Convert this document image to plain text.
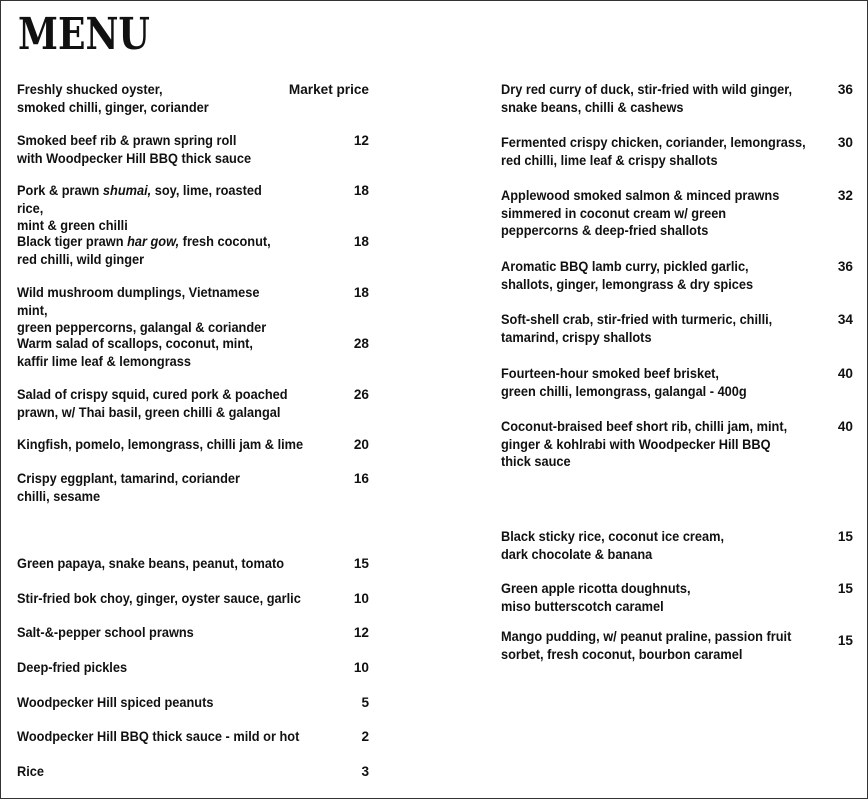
MENU
Freshly shucked oyster,
smoked chilli, ginger, coriander
Market price
Smoked beef rib & prawn spring roll
with Woodpecker Hill BBQ thick sauce
12
Pork & prawn shumai, soy, lime, roasted rice,
mint & green chilli
18
Black tiger prawn har gow, fresh coconut,
red chilli, wild ginger
18
Wild mushroom dumplings, Vietnamese mint,
green peppercorns, galangal & coriander
18
Warm salad of scallops, coconut, mint,
kaffir lime leaf & lemongrass
28
Salad of crispy squid, cured pork & poached
prawn, w/ Thai basil, green chilli & galangal
26
Kingfish, pomelo, lemongrass, chilli jam & lime	20
Crispy eggplant, tamarind, coriander
chilli, sesame
16
Green papaya, snake beans, peanut, tomato	15
Stir-fried bok choy, ginger, oyster sauce, garlic	10
Salt-&-pepper school prawns	12
Deep-fried pickles	10
Woodpecker Hill spiced peanuts	5
Woodpecker Hill BBQ thick sauce - mild or hot	2
Rice	3
Dry red curry of duck, stir-fried with wild ginger,
snake beans, chilli & cashews
36
Fermented crispy chicken, coriander, lemongrass,
red chilli, lime leaf & crispy shallots
30
Applewood smoked salmon & minced prawns
simmered in coconut cream w/ green
peppercorns & deep-fried shallots
32
Aromatic BBQ lamb curry, pickled garlic,
shallots, ginger, lemongrass & dry spices
36
Soft-shell crab, stir-fried with turmeric, chilli,
tamarind, crispy shallots
34
Fourteen-hour smoked beef brisket,
green chilli, lemongrass, galangal - 400g
40
Coconut-braised beef short rib, chilli jam, mint,
ginger & kohlrabi with Woodpecker Hill BBQ
thick sauce
40
Black sticky rice, coconut ice cream,
dark chocolate & banana
15
Green apple ricotta doughnuts,
miso butterscotch caramel
15
Mango pudding, w/ peanut praline, passion fruit
sorbet, fresh coconut, bourbon caramel
15
